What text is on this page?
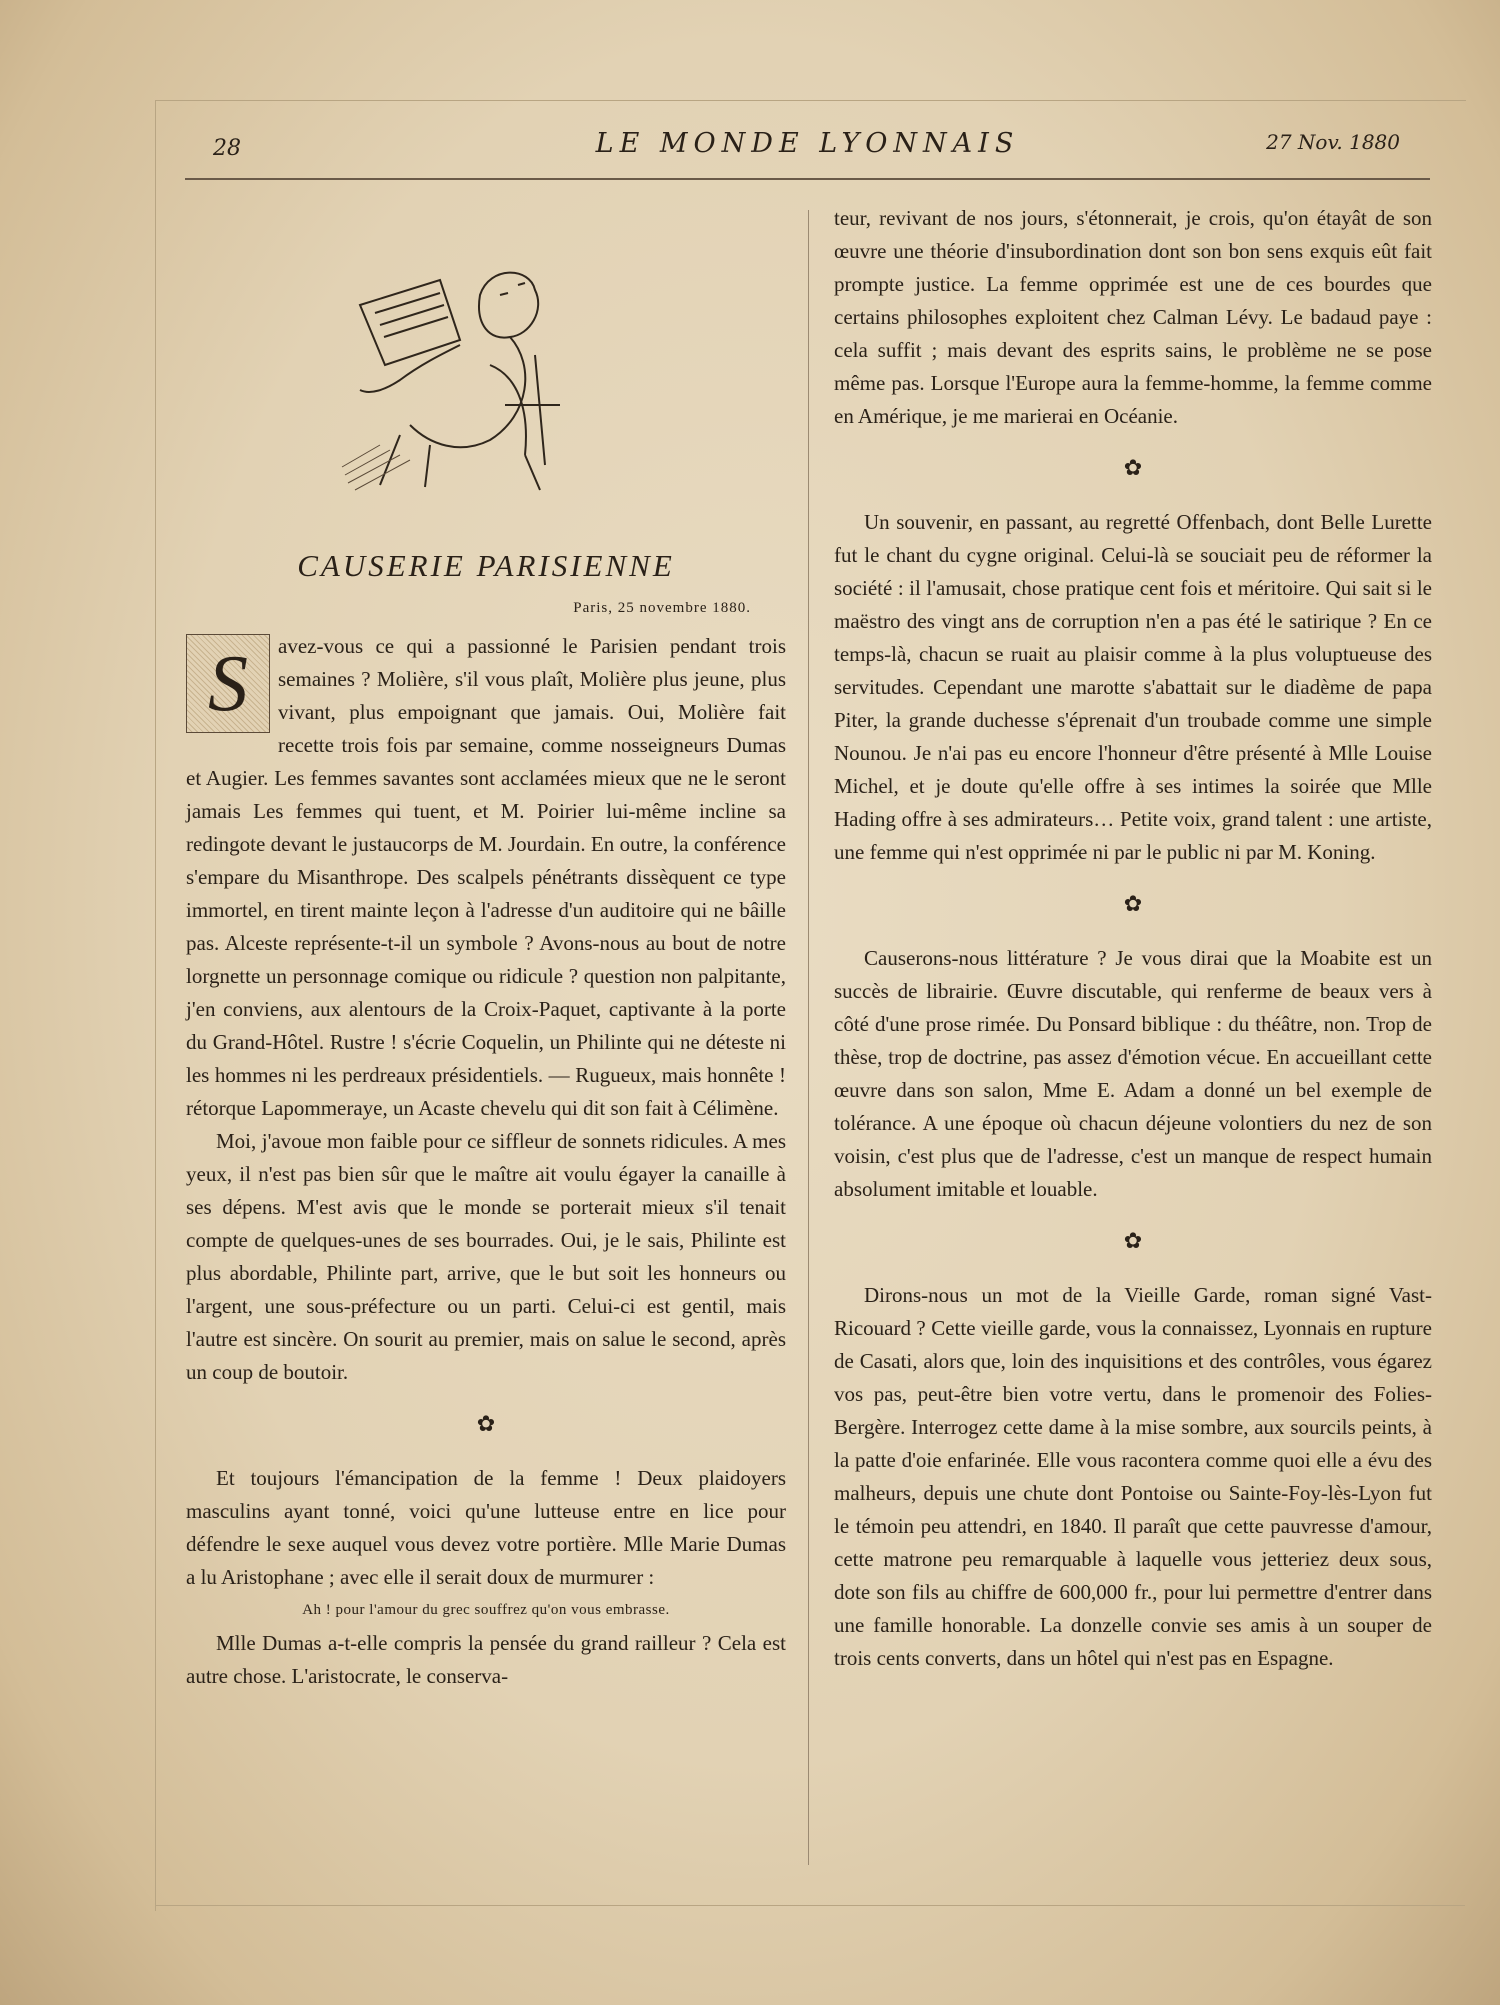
28	LE MONDE LYONNAIS	27 Nov. 1880
CAUSERIE PARISIENNE
Paris, 25 novembre 1880.

S	avez-vous ce qui a passionné le Parisien pendant trois semaines ? Molière, s'il vous plaît, Molière plus jeune, plus vivant, plus empoignant que jamais. Oui, Molière fait recette trois fois par semaine, comme nosseigneurs Dumas et Augier. Les femmes savantes sont acclamées mieux que ne le seront jamais Les femmes qui tuent, et M. Poirier lui-même incline sa redingote devant le justaucorps de M. Jourdain. En outre, la conférence s'empare du Misanthrope. Des scalpels pénétrants dissèquent ce type immortel, en tirent mainte leçon à l'adresse d'un auditoire qui ne bâille pas. Alceste représente-t-il un symbole ? Avons-nous au bout de notre lorgnette un personnage comique ou ridicule ? question non palpitante, j'en conviens, aux alentours de la Croix-Paquet, captivante à la porte du Grand-Hôtel. Rustre ! s'écrie Coquelin, un Philinte qui ne déteste ni les hommes ni les perdreaux présidentiels. — Rugueux, mais honnête ! rétorque Lapommeraye, un Acaste chevelu qui dit son fait à Célimène.

Moi, j'avoue mon faible pour ce siffleur de sonnets ridicules. A mes yeux, il n'est pas bien sûr que le maître ait voulu égayer la canaille à ses dépens. M'est avis que le monde se porterait mieux s'il tenait compte de quelques-unes de ses bourrades. Oui, je le sais, Philinte est plus abordable, Philinte part, arrive, que le but soit les honneurs ou l'argent, une sous-préfecture ou un parti. Celui-ci est gentil, mais l'autre est sincère. On sourit au premier, mais on salue le second, après un coup de boutoir.

✿

Et toujours l'émancipation de la femme ! Deux plaidoyers masculins ayant tonné, voici qu'une lutteuse entre en lice pour défendre le sexe auquel vous devez votre portière. Mlle Marie Dumas a lu Aristophane ; avec elle il serait doux de murmurer :

Ah ! pour l'amour du grec souffrez qu'on vous embrasse.

Mlle Dumas a-t-elle compris la pensée du grand railleur ? Cela est autre chose. L'aristocrate, le conserva-

teur, revivant de nos jours, s'étonnerait, je crois, qu'on étayât de son œuvre une théorie d'insubordination dont son bon sens exquis eût fait prompte justice. La femme opprimée est une de ces bourdes que certains philosophes exploitent chez Calman Lévy. Le badaud paye : cela suffit ; mais devant des esprits sains, le problème ne se pose même pas. Lorsque l'Europe aura la femme-homme, la femme comme en Amérique, je me marierai en Océanie.

✿

Un souvenir, en passant, au regretté Offenbach, dont Belle Lurette fut le chant du cygne original. Celui-là se souciait peu de réformer la société : il l'amusait, chose pratique cent fois et méritoire. Qui sait si le maëstro des vingt ans de corruption n'en a pas été le satirique ? En ce temps-là, chacun se ruait au plaisir comme à la plus voluptueuse des servitudes. Cependant une marotte s'abattait sur le diadème de papa Piter, la grande duchesse s'éprenait d'un troubade comme une simple Nounou. Je n'ai pas eu encore l'honneur d'être présenté à Mlle Louise Michel, et je doute qu'elle offre à ses intimes la soirée que Mlle Hading offre à ses admirateurs… Petite voix, grand talent : une artiste, une femme qui n'est opprimée ni par le public ni par M. Koning.

✿

Causerons-nous littérature ? Je vous dirai que la Moabite est un succès de librairie. Œuvre discutable, qui renferme de beaux vers à côté d'une prose rimée. Du Ponsard biblique : du théâtre, non. Trop de thèse, trop de doctrine, pas assez d'émotion vécue. En accueillant cette œuvre dans son salon, Mme E. Adam a donné un bel exemple de tolérance. A une époque où chacun déjeune volontiers du nez de son voisin, c'est plus que de l'adresse, c'est un manque de respect humain absolument imitable et louable.

✿

Dirons-nous un mot de la Vieille Garde, roman signé Vast-Ricouard ? Cette vieille garde, vous la connaissez, Lyonnais en rupture de Casati, alors que, loin des inquisitions et des contrôles, vous égarez vos pas, peut-être bien votre vertu, dans le promenoir des Folies-Bergère. Interrogez cette dame à la mise sombre, aux sourcils peints, à la patte d'oie enfarinée. Elle vous racontera comme quoi elle a évu des malheurs, depuis une chute dont Pontoise ou Sainte-Foy-lès-Lyon fut le témoin peu attendri, en 1840. Il paraît que cette pauvresse d'amour, cette matrone peu remarquable à laquelle vous jetteriez deux sous, dote son fils au chiffre de 600,000 fr., pour lui permettre d'entrer dans une famille honorable. La donzelle convie ses amis à un souper de trois cents converts, dans un hôtel qui n'est pas en Espagne.
